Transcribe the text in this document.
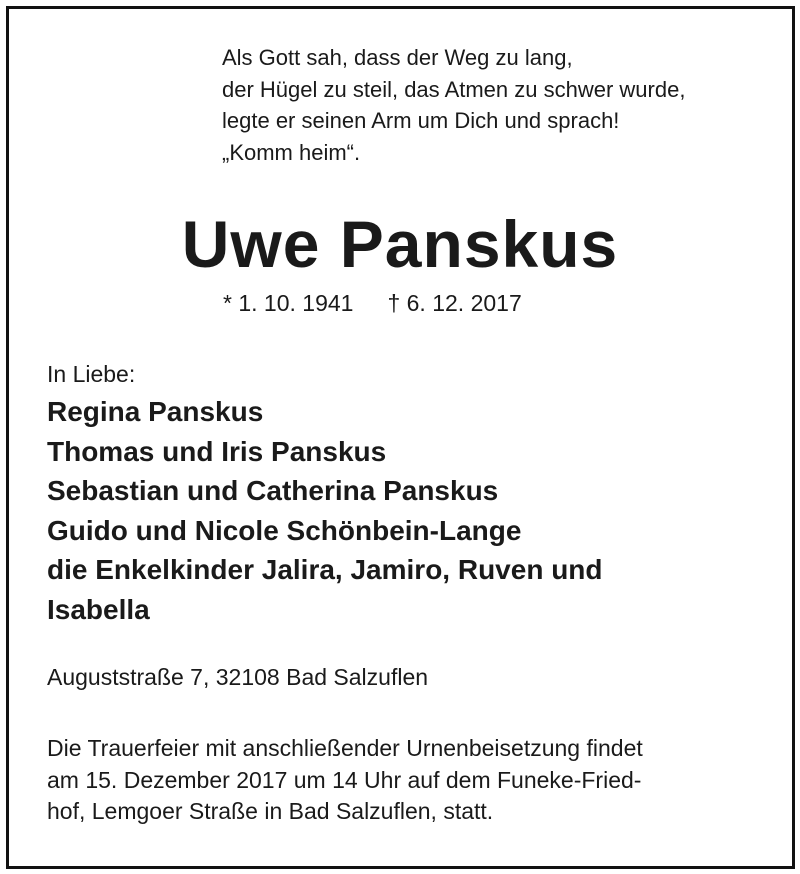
Als Gott sah, dass der Weg zu lang,
der Hügel zu steil, das Atmen zu schwer wurde,
legte er seinen Arm um Dich und sprach!
„Komm heim“.
Uwe Panskus
* 1. 10. 1941 † 6. 12. 2017
In Liebe:
Regina Panskus
Thomas und Iris Panskus
Sebastian und Catherina Panskus
Guido und Nicole Schönbein-Lange
die Enkelkinder Jalira, Jamiro, Ruven und
Isabella
Auguststraße 7, 32108 Bad Salzuflen
Die Trauerfeier mit anschließender Urnenbeisetzung findet
am 15. Dezember 2017 um 14 Uhr auf dem Funeke-Fried-
hof, Lemgoer Straße in Bad Salzuflen, statt.
